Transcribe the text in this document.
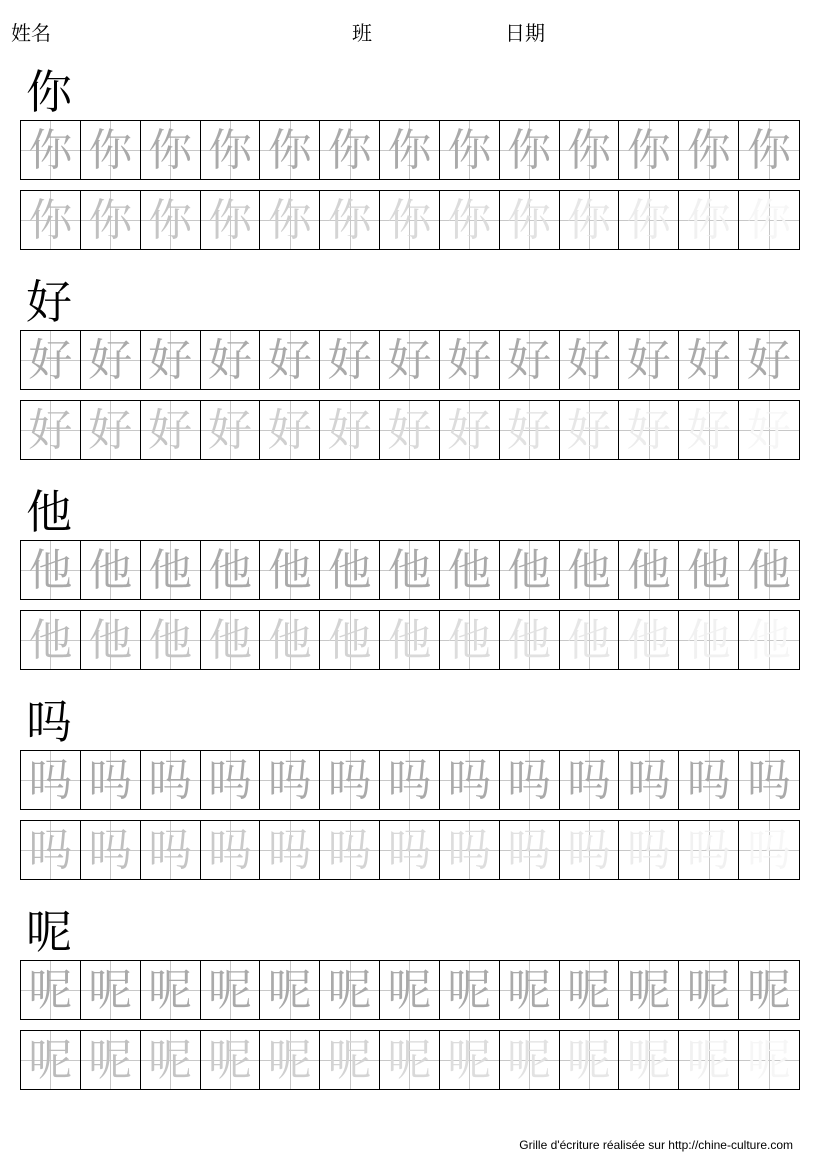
姓名	班	日期
你
你 你 你 你 你 你 你 你 你 你 你 你 你
你 你 你 你 你 你 你 你 你 你 你 你 你
好
好 好 好 好 好 好 好 好 好 好 好 好 好
好 好 好 好 好 好 好 好 好 好 好 好 好
他
他 他 他 他 他 他 他 他 他 他 他 他 他
他 他 他 他 他 他 他 他 他 他 他 他 他
吗
吗 吗 吗 吗 吗 吗 吗 吗 吗 吗 吗 吗 吗
吗 吗 吗 吗 吗 吗 吗 吗 吗 吗 吗 吗 吗
呢
呢 呢 呢 呢 呢 呢 呢 呢 呢 呢 呢 呢 呢
呢 呢 呢 呢 呢 呢 呢 呢 呢 呢 呢 呢 呢
Grille d'écriture réalisée sur http://chine-culture.com
